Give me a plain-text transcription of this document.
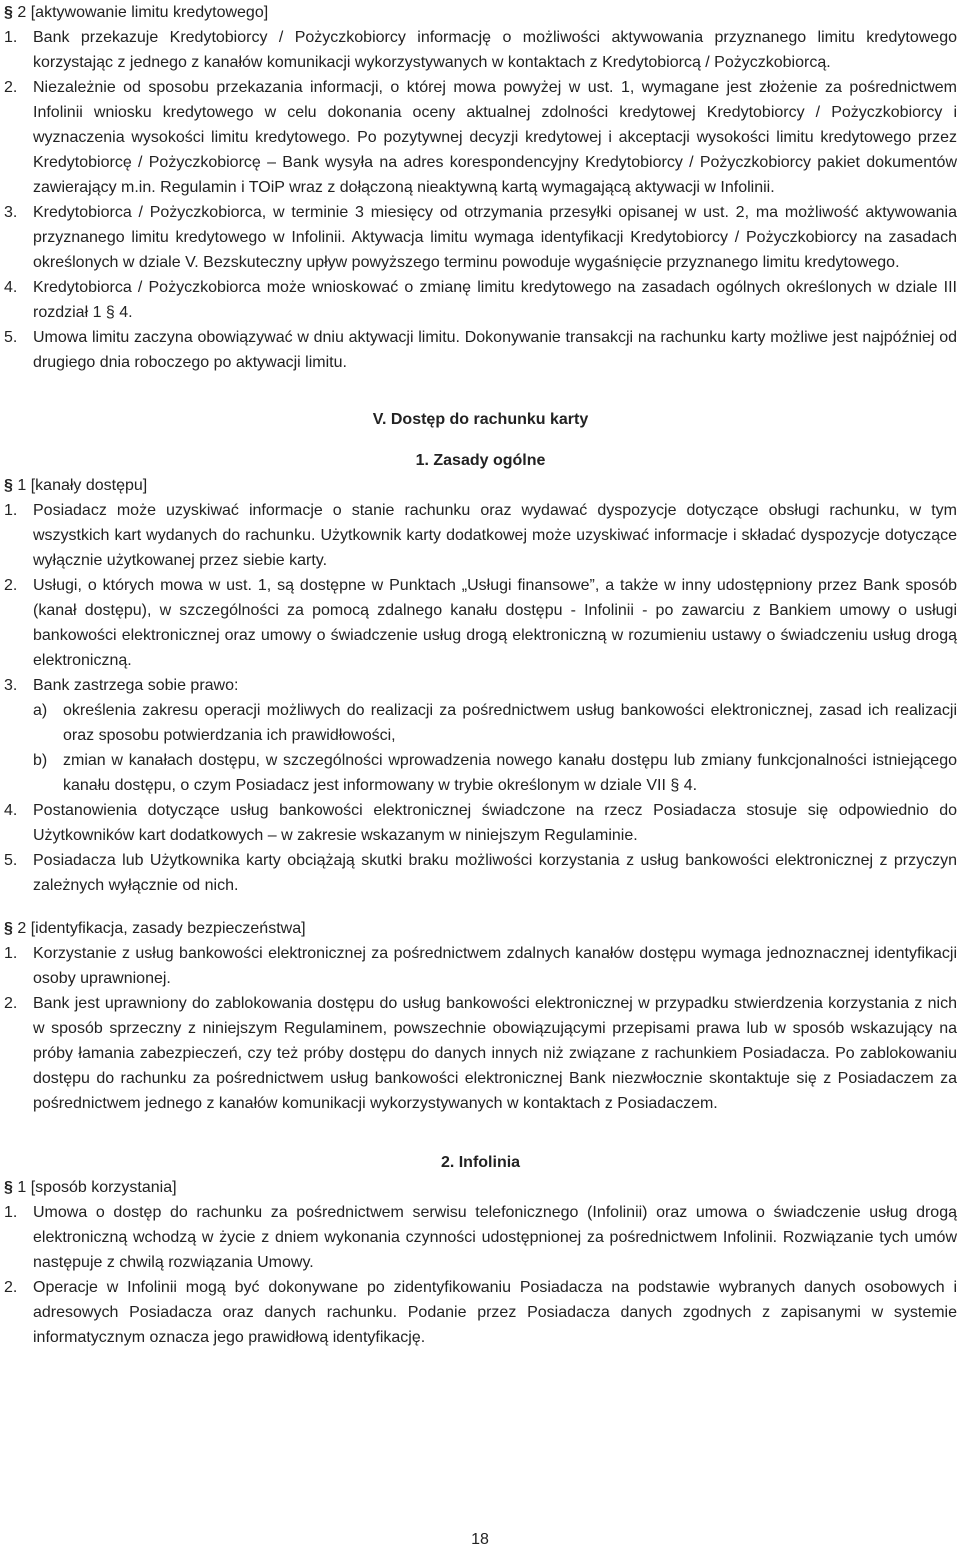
§ 2 [aktywowanie limitu kredytowego]

1. Bank przekazuje Kredytobiorcy / Pożyczkobiorcy informację o możliwości aktywowania przyznanego limitu kredytowego korzystając z jednego z kanałów komunikacji wykorzystywanych w kontaktach z Kredytobiorcą / Pożyczkobiorcą.
2. Niezależnie od sposobu przekazania informacji, o której mowa powyżej w ust. 1, wymagane jest złożenie za pośrednictwem Infolinii wniosku kredytowego w celu dokonania oceny aktualnej zdolności kredytowej Kredytobiorcy / Pożyczkobiorcy i wyznaczenia wysokości limitu kredytowego. Po pozytywnej decyzji kredytowej i akceptacji wysokości limitu kredytowego przez Kredytobiorcę / Pożyczkobiorcę – Bank wysyła na adres korespondencyjny Kredytobiorcy / Pożyczkobiorcy pakiet dokumentów zawierający m.in. Regulamin i TOiP wraz z dołączoną nieaktywną kartą wymagającą aktywacji w Infolinii.
3. Kredytobiorca / Pożyczkobiorca, w terminie 3 miesięcy od otrzymania przesyłki opisanej w ust. 2, ma możliwość aktywowania przyznanego limitu kredytowego w Infolinii. Aktywacja limitu wymaga identyfikacji Kredytobiorcy / Pożyczkobiorcy na zasadach określonych w dziale V. Bezskuteczny upływ powyższego terminu powoduje wygaśnięcie przyznanego limitu kredytowego.
4. Kredytobiorca / Pożyczkobiorca może wnioskować o zmianę limitu kredytowego na zasadach ogólnych określonych w dziale III rozdział 1 § 4.
5. Umowa limitu zaczyna obowiązywać w dniu aktywacji limitu. Dokonywanie transakcji na rachunku karty możliwe jest najpóźniej od drugiego dnia roboczego po aktywacji limitu.

V. Dostęp do rachunku karty

1. Zasady ogólne

§ 1 [kanały dostępu]

1. Posiadacz może uzyskiwać informacje o stanie rachunku oraz wydawać dyspozycje dotyczące obsługi rachunku, w tym wszystkich kart wydanych do rachunku. Użytkownik karty dodatkowej może uzyskiwać informacje i składać dyspozycje dotyczące wyłącznie użytkowanej przez siebie karty.
2. Usługi, o których mowa w ust. 1, są dostępne w Punktach „Usługi finansowe”, a także w inny udostępniony przez Bank sposób (kanał dostępu), w szczególności za pomocą zdalnego kanału dostępu - Infolinii - po zawarciu z Bankiem umowy o usługi bankowości elektronicznej oraz umowy o świadczenie usług drogą elektroniczną w rozumieniu ustawy o świadczeniu usług drogą elektroniczną.
3. Bank zastrzega sobie prawo:
a) określenia zakresu operacji możliwych do realizacji za pośrednictwem usług bankowości elektronicznej, zasad ich realizacji oraz sposobu potwierdzania ich prawidłowości,
b) zmian w kanałach dostępu, w szczególności wprowadzenia nowego kanału dostępu lub zmiany funkcjonalności istniejącego kanału dostępu, o czym Posiadacz jest informowany w trybie określonym w dziale VII § 4.
4. Postanowienia dotyczące usług bankowości elektronicznej świadczone na rzecz Posiadacza stosuje się odpowiednio do Użytkowników kart dodatkowych – w zakresie wskazanym w niniejszym Regulaminie.
5. Posiadacza lub Użytkownika karty obciążają skutki braku możliwości korzystania z usług bankowości elektronicznej z przyczyn zależnych wyłącznie od nich.

§ 2 [identyfikacja, zasady bezpieczeństwa]

1. Korzystanie z usług bankowości elektronicznej za pośrednictwem zdalnych kanałów dostępu wymaga jednoznacznej identyfikacji osoby uprawnionej.
2. Bank jest uprawniony do zablokowania dostępu do usług bankowości elektronicznej w przypadku stwierdzenia korzystania z nich w sposób sprzeczny z niniejszym Regulaminem, powszechnie obowiązującymi przepisami prawa lub w sposób wskazujący na próby łamania zabezpieczeń, czy też próby dostępu do danych innych niż związane z rachunkiem Posiadacza. Po zablokowaniu dostępu do rachunku za pośrednictwem usług bankowości elektronicznej Bank niezwłocznie skontaktuje się z Posiadaczem za pośrednictwem jednego z kanałów komunikacji wykorzystywanych w kontaktach z Posiadaczem.

2. Infolinia

§ 1 [sposób korzystania]

1. Umowa o dostęp do rachunku za pośrednictwem serwisu telefonicznego (Infolinii) oraz umowa o świadczenie usług drogą elektroniczną wchodzą w życie z dniem wykonania czynności udostępnionej za pośrednictwem Infolinii. Rozwiązanie tych umów następuje z chwilą rozwiązania Umowy.
2. Operacje w Infolinii mogą być dokonywane po zidentyfikowaniu Posiadacza na podstawie wybranych danych osobowych i adresowych Posiadacza oraz danych rachunku. Podanie przez Posiadacza danych zgodnych z zapisanymi w systemie informatycznym oznacza jego prawidłową identyfikację.
18
